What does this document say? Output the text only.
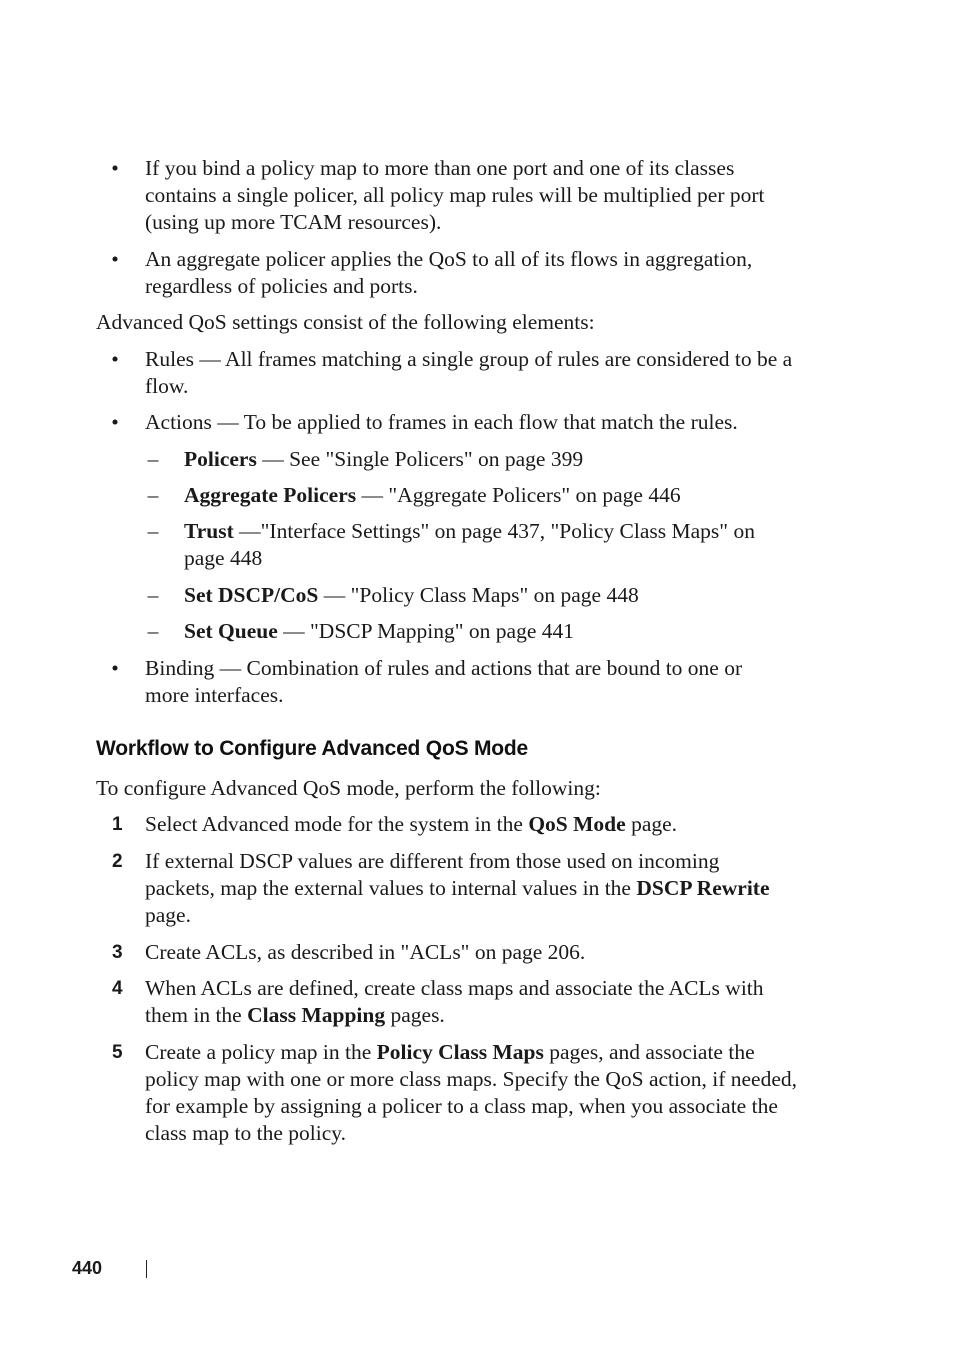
• If you bind a policy map to more than one port and one of its classes
contains a single policer, all policy map rules will be multiplied per port
(using up more TCAM resources).
• An aggregate policer applies the QoS to all of its flows in aggregation,
regardless of policies and ports.
Advanced QoS settings consist of the following elements:
• Rules — All frames matching a single group of rules are considered to be a
flow.
• Actions — To be applied to frames in each flow that match the rules.
– Policers — See "Single Policers" on page 399
– Aggregate Policers — "Aggregate Policers" on page 446
– Trust —"Interface Settings" on page 437, "Policy Class Maps" on
page 448
– Set DSCP/CoS — "Policy Class Maps" on page 448
– Set Queue — "DSCP Mapping" on page 441
• Binding — Combination of rules and actions that are bound to one or
more interfaces.
Workflow to Configure Advanced QoS Mode
To configure Advanced QoS mode, perform the following:
1 Select Advanced mode for the system in the QoS Mode page.
2 If external DSCP values are different from those used on incoming
packets, map the external values to internal values in the DSCP Rewrite
page.
3 Create ACLs, as described in "ACLs" on page 206.
4 When ACLs are defined, create class maps and associate the ACLs with
them in the Class Mapping pages.
5 Create a policy map in the Policy Class Maps pages, and associate the
policy map with one or more class maps. Specify the QoS action, if needed,
for example by assigning a policer to a class map, when you associate the
class map to the policy.
440
